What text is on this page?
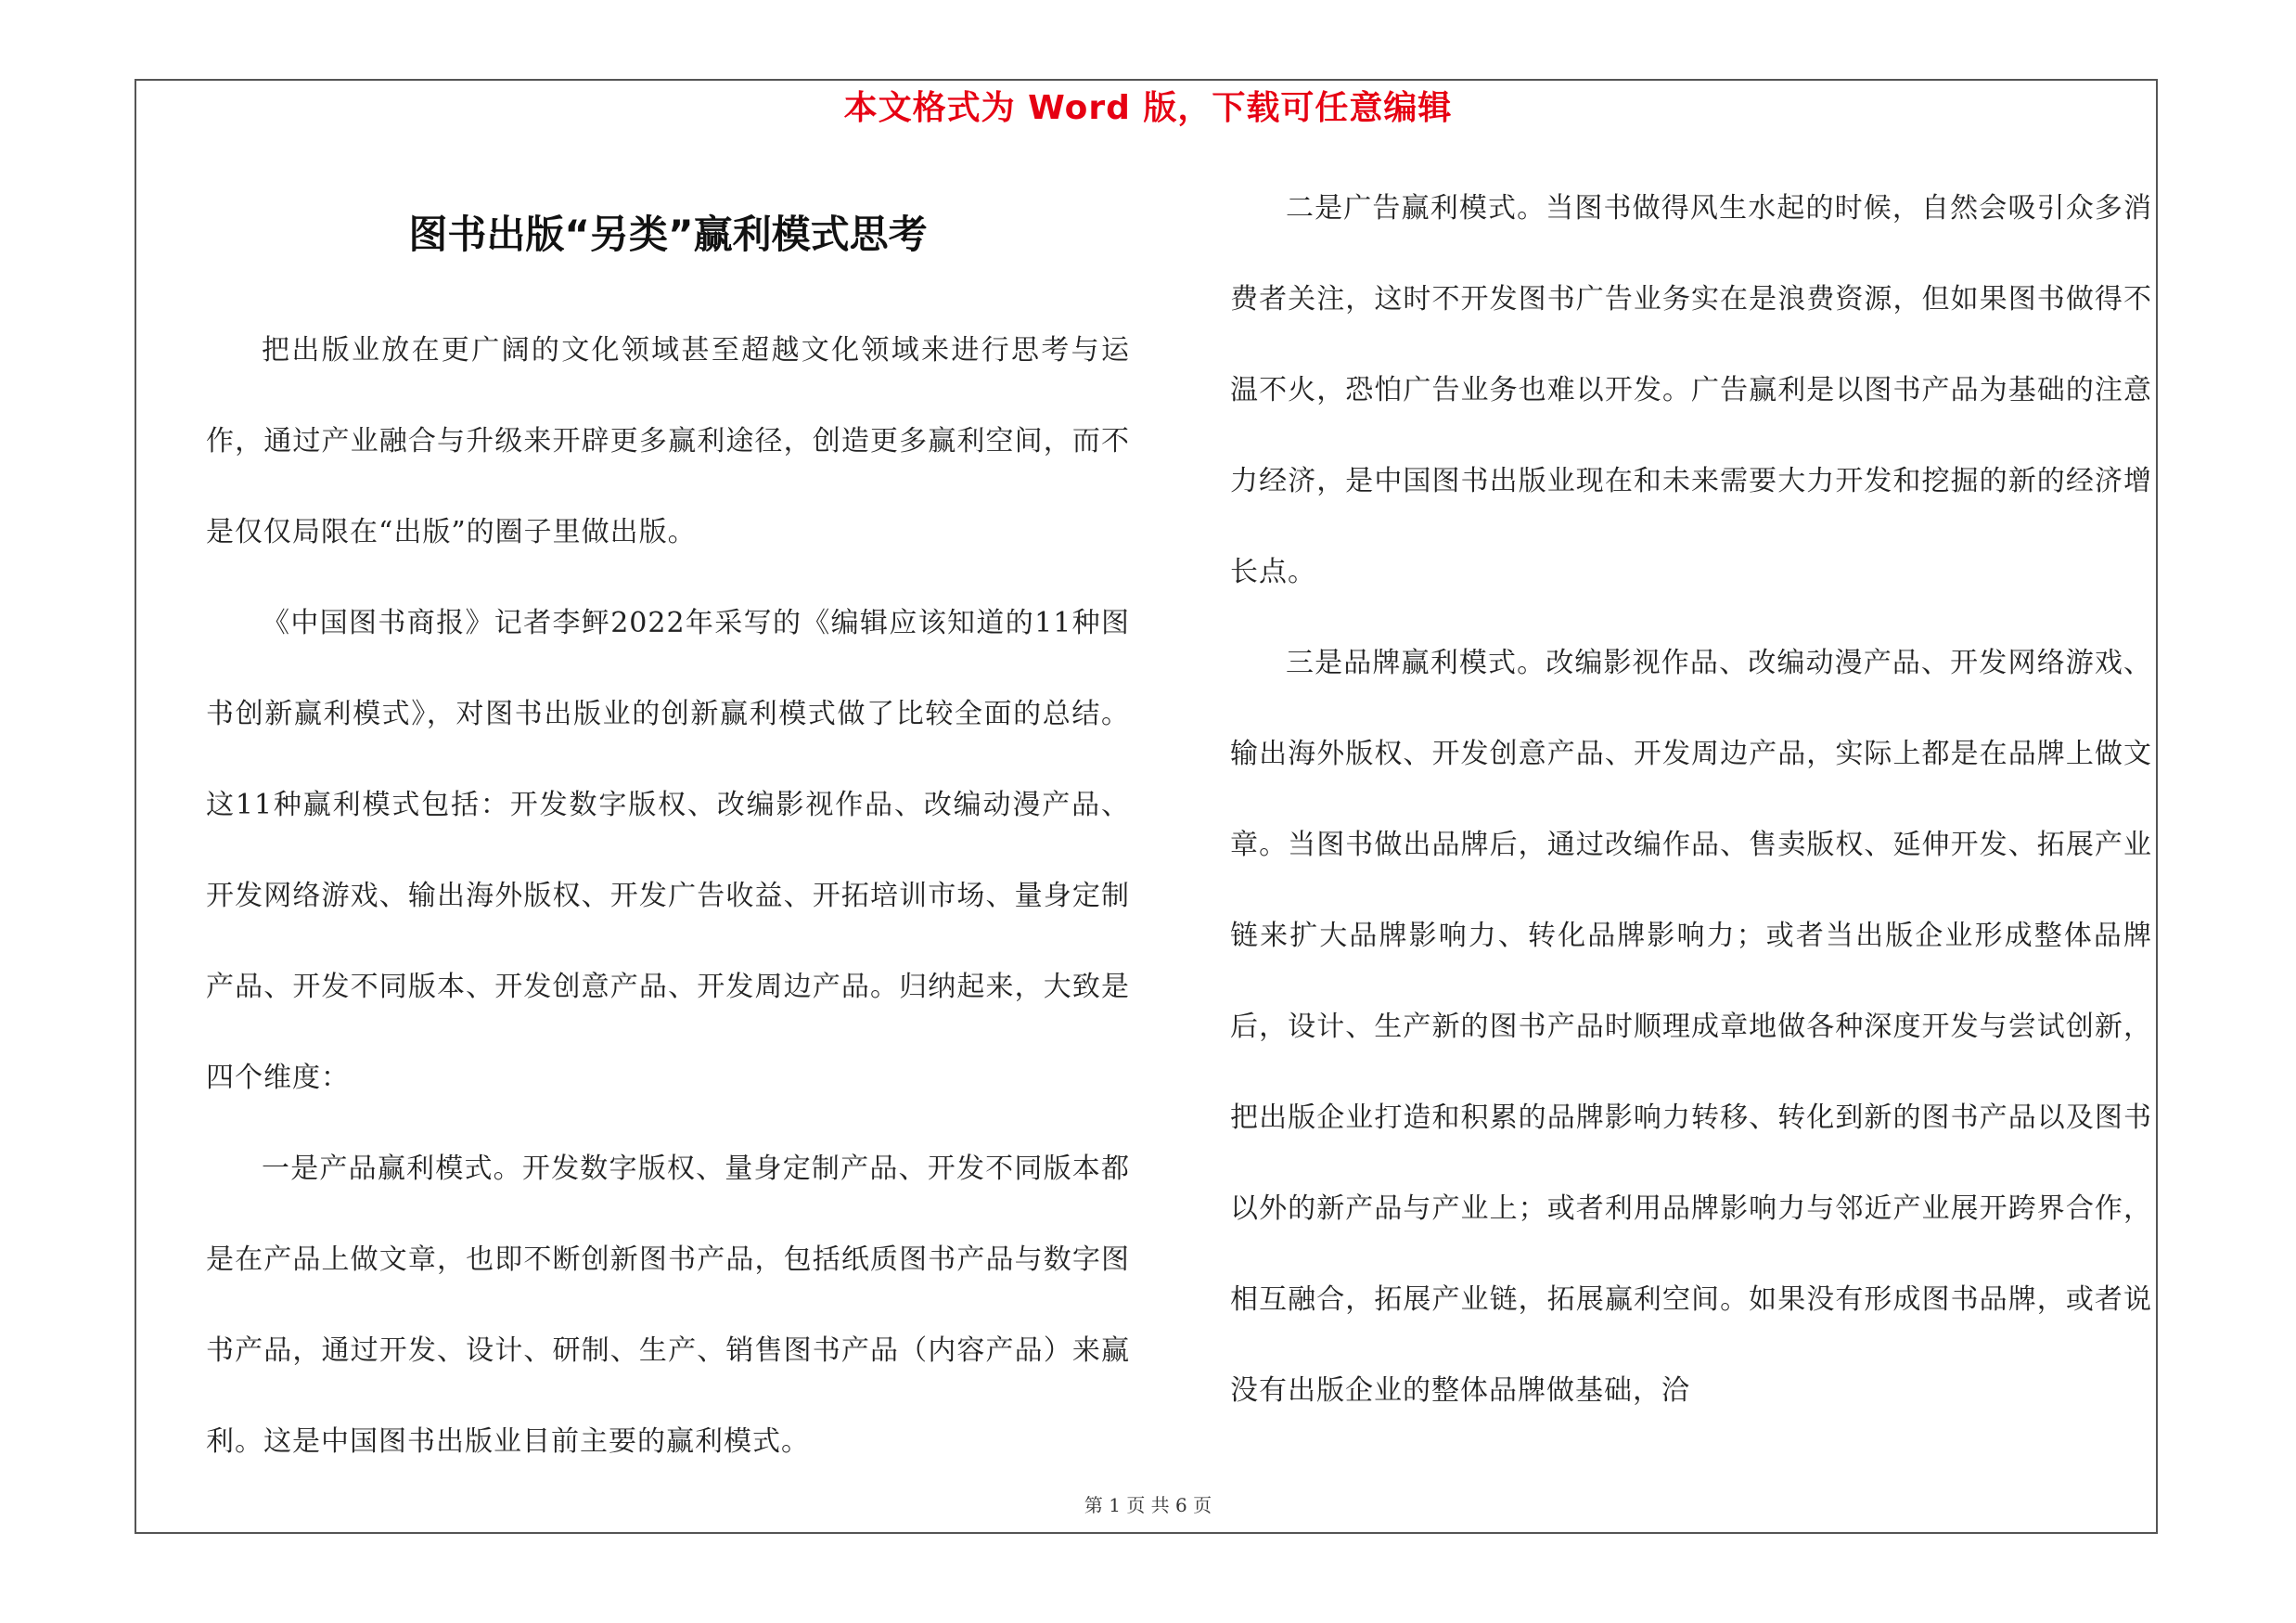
本文格式为 Word 版，下载可任意编辑
图书出版“另类”赢利模式思考

把出版业放在更广阔的文化领域甚至超越文化领域来进行思考与运作，通过产业融合与升级来开辟更多赢利途径，创造更多赢利空间，而不是仅仅局限在“出版”的圈子里做出版。

《中国图书商报》记者李鲆2022年采写的《编辑应该知道的11种图书创新赢利模式》，对图书出版业的创新赢利模式做了比较全面的总结。这11种赢利模式包括：开发数字版权、改编影视作品、改编动漫产品、开发网络游戏、输出海外版权、开发广告收益、开拓培训市场、量身定制产品、开发不同版本、开发创意产品、开发周边产品。归纳起来，大致是四个维度：

一是产品赢利模式。开发数字版权、量身定制产品、开发不同版本都是在产品上做文章，也即不断创新图书产品，包括纸质图书产品与数字图书产品，通过开发、设计、研制、生产、销售图书产品（内容产品）来赢利。这是中国图书出版业目前主要的赢利模式。

二是广告赢利模式。当图书做得风生水起的时候，自然会吸引众多消费者关注，这时不开发图书广告业务实在是浪费资源，但如果图书做得不温不火，恐怕广告业务也难以开发。广告赢利是以图书产品为基础的注意力经济，是中国图书出版业现在和未来需要大力开发和挖掘的新的经济增长点。

三是品牌赢利模式。改编影视作品、改编动漫产品、开发网络游戏、输出海外版权、开发创意产品、开发周边产品，实际上都是在品牌上做文章。当图书做出品牌后，通过改编作品、售卖版权、延伸开发、拓展产业链来扩大品牌影响力、转化品牌影响力；或者当出版企业形成整体品牌后，设计、生产新的图书产品时顺理成章地做各种深度开发与尝试创新，把出版企业打造和积累的品牌影响力转移、转化到新的图书产品以及图书以外的新产品与产业上；或者利用品牌影响力与邻近产业展开跨界合作，相互融合，拓展产业链，拓展赢利空间。如果没有形成图书品牌，或者说没有出版企业的整体品牌做基础，洽

第 1 页 共 6 页
